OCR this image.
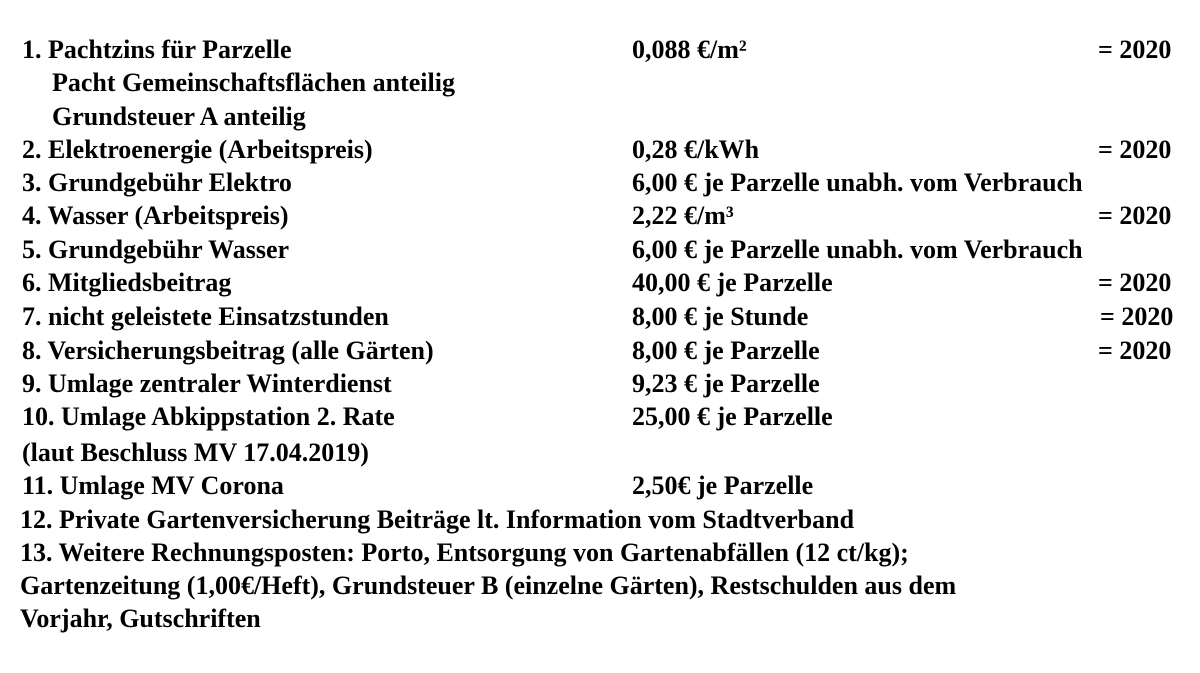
1. Pachtzins für Parzelle	0,088 €/m²	= 2020
Pacht Gemeinschaftsflächen anteilig
Grundsteuer A anteilig
2. Elektroenergie (Arbeitspreis)	0,28 €/kWh	= 2020
3. Grundgebühr Elektro	6,00 € je Parzelle unabh. vom Verbrauch
4. Wasser (Arbeitspreis)	2,22 €/m³	= 2020
5. Grundgebühr Wasser	6,00 € je Parzelle unabh. vom Verbrauch
6. Mitgliedsbeitrag	40,00 € je Parzelle	= 2020
7. nicht geleistete Einsatzstunden	8,00 € je Stunde	= 2020
8. Versicherungsbeitrag (alle Gärten)	8,00 € je Parzelle	= 2020
9. Umlage zentraler Winterdienst	9,23 € je Parzelle
10. Umlage Abkippstation 2. Rate	25,00 € je Parzelle
(laut Beschluss MV 17.04.2019)
11. Umlage MV Corona	2,50€ je Parzelle
12. Private Gartenversicherung Beiträge lt. Information vom Stadtverband
13. Weitere Rechnungsposten: Porto, Entsorgung von Gartenabfällen (12 ct/kg);
Gartenzeitung (1,00€/Heft), Grundsteuer B (einzelne Gärten), Restschulden aus dem
Vorjahr, Gutschriften
